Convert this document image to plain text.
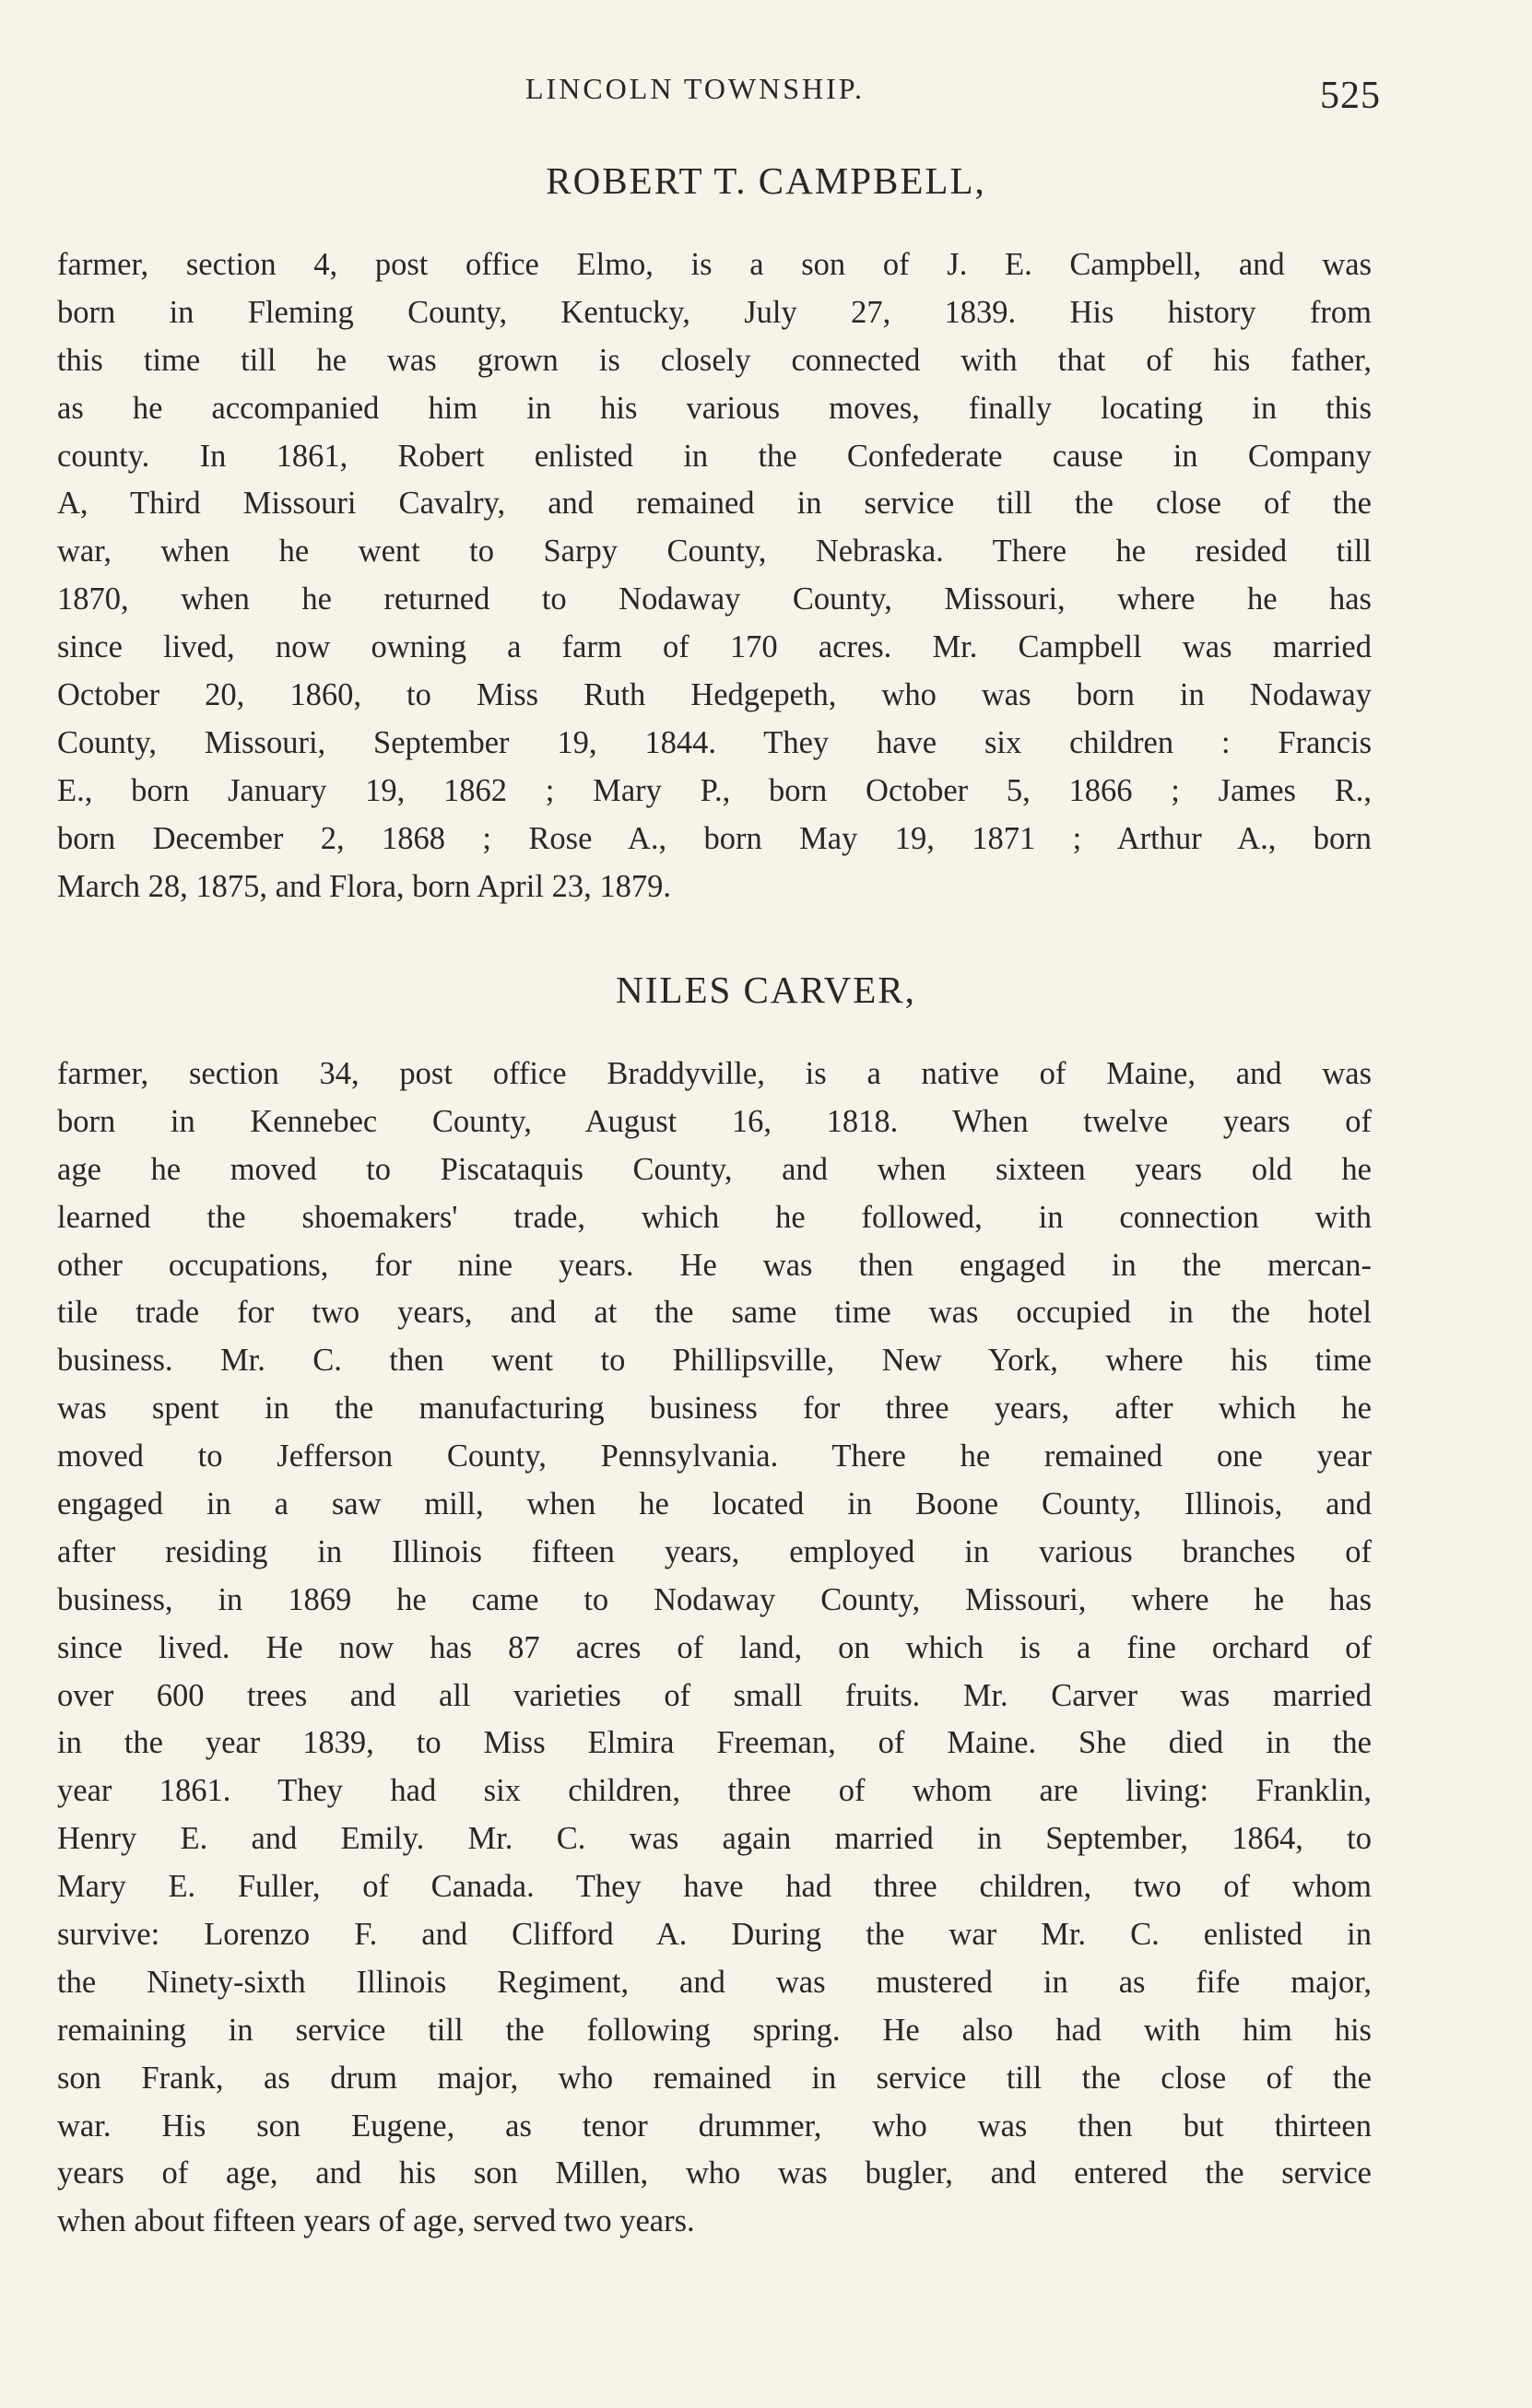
LINCOLN TOWNSHIP.	525
ROBERT T. CAMPBELL,
farmer, section 4, post office Elmo, is a son of J. E. Campbell, and was
born in Fleming County, Kentucky, July 27, 1839. His history from
this time till he was grown is closely connected with that of his father,
as he accompanied him in his various moves, finally locating in this
county. In 1861, Robert enlisted in the Confederate cause in Company
A, Third Missouri Cavalry, and remained in service till the close of the
war, when he went to Sarpy County, Nebraska. There he resided till
1870, when he returned to Nodaway County, Missouri, where he has
since lived, now owning a farm of 170 acres. Mr. Campbell was married
October 20, 1860, to Miss Ruth Hedgepeth, who was born in Nodaway
County, Missouri, September 19, 1844. They have six children : Francis
E., born January 19, 1862 ; Mary P., born October 5, 1866 ; James R.,
born December 2, 1868 ; Rose A., born May 19, 1871 ; Arthur A., born
March 28, 1875, and Flora, born April 23, 1879.
NILES CARVER,
farmer, section 34, post office Braddyville, is a native of Maine, and was
born in Kennebec County, August 16, 1818. When twelve years of
age he moved to Piscataquis County, and when sixteen years old he
learned the shoemakers' trade, which he followed, in connection with
other occupations, for nine years. He was then engaged in the mercan-
tile trade for two years, and at the same time was occupied in the hotel
business. Mr. C. then went to Phillipsville, New York, where his time
was spent in the manufacturing business for three years, after which he
moved to Jefferson County, Pennsylvania. There he remained one year
engaged in a saw mill, when he located in Boone County, Illinois, and
after residing in Illinois fifteen years, employed in various branches of
business, in 1869 he came to Nodaway County, Missouri, where he has
since lived. He now has 87 acres of land, on which is a fine orchard of
over 600 trees and all varieties of small fruits. Mr. Carver was married
in the year 1839, to Miss Elmira Freeman, of Maine. She died in the
year 1861. They had six children, three of whom are living: Franklin,
Henry E. and Emily. Mr. C. was again married in September, 1864, to
Mary E. Fuller, of Canada. They have had three children, two of whom
survive: Lorenzo F. and Clifford A. During the war Mr. C. enlisted in
the Ninety-sixth Illinois Regiment, and was mustered in as fife major,
remaining in service till the following spring. He also had with him his
son Frank, as drum major, who remained in service till the close of the
war. His son Eugene, as tenor drummer, who was then but thirteen
years of age, and his son Millen, who was bugler, and entered the service
when about fifteen years of age, served two years.
